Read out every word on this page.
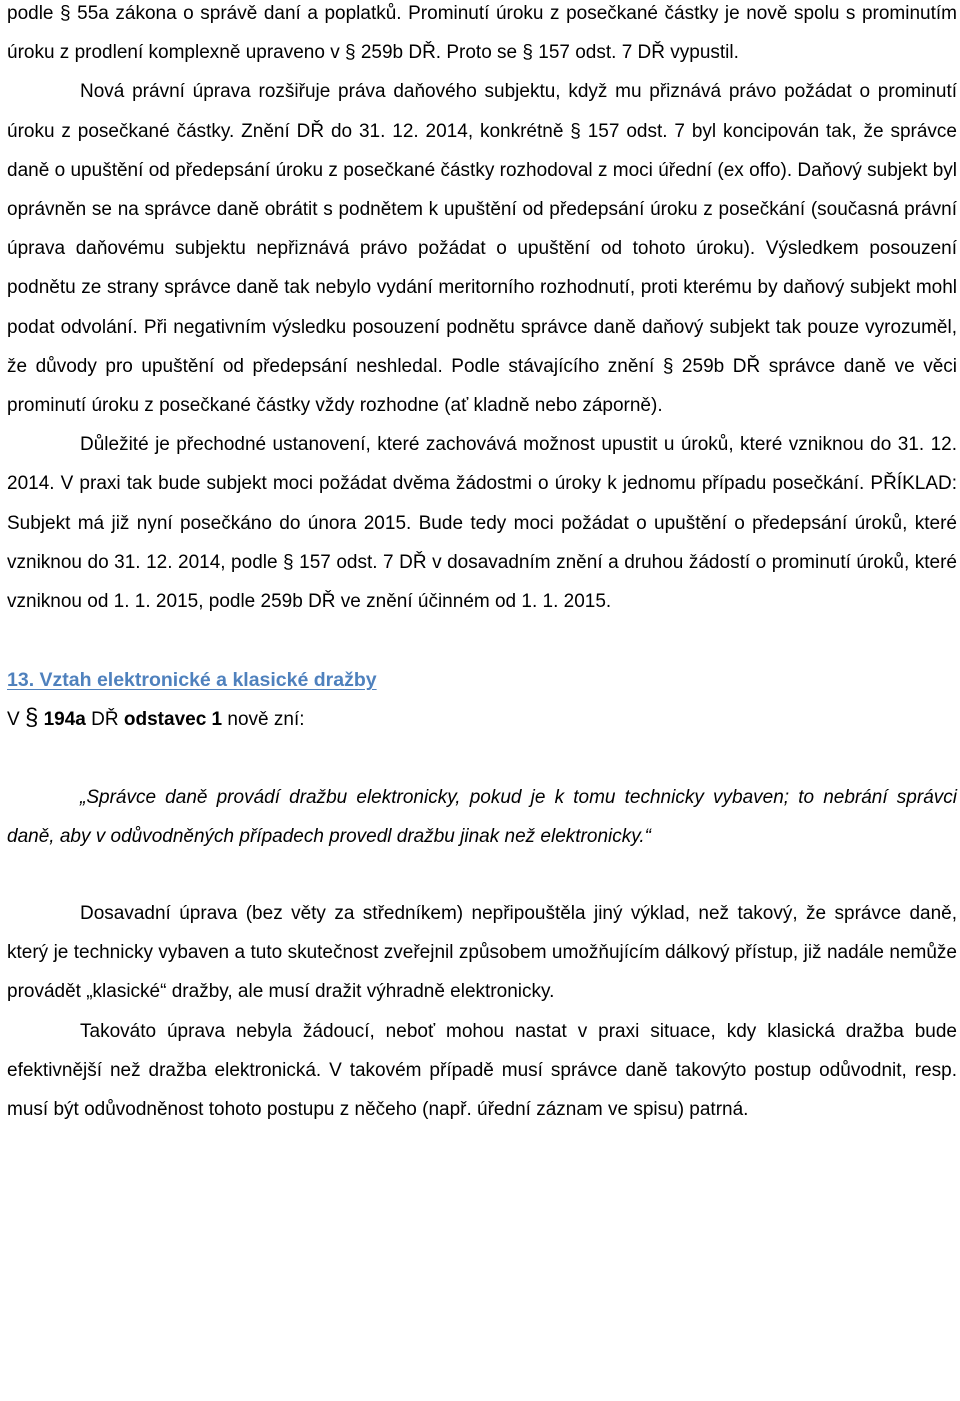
podle § 55a zákona o správě daní a poplatků. Prominutí úroku z posečkané částky je nově spolu s prominutím úroku z prodlení komplexně upraveno v § 259b DŘ. Proto se § 157 odst. 7 DŘ vypustil.

Nová právní úprava rozšiřuje práva daňového subjektu, když mu přiznává právo požádat o prominutí úroku z posečkané částky. Znění DŘ do 31. 12. 2014, konkrétně § 157 odst. 7 byl koncipován tak, že správce daně o upuštění od předepsání úroku z posečkané částky rozhodoval z moci úřední (ex offo). Daňový subjekt byl oprávněn se na správce daně obrátit s podnětem k upuštění od předepsání úroku z posečkání (současná právní úprava daňovému subjektu nepřiznává právo požádat o upuštění od tohoto úroku). Výsledkem posouzení podnětu ze strany správce daně tak nebylo vydání meritorního rozhodnutí, proti kterému by daňový subjekt mohl podat odvolání. Při negativním výsledku posouzení podnětu správce daně daňový subjekt tak pouze vyrozuměl, že důvody pro upuštění od předepsání neshledal. Podle stávajícího znění § 259b DŘ správce daně ve věci prominutí úroku z posečkané částky vždy rozhodne (ať kladně nebo záporně).

Důležité je přechodné ustanovení, které zachovává možnost upustit u úroků, které vzniknou do 31. 12. 2014. V praxi tak bude subjekt moci požádat dvěma žádostmi o úroky k jednomu případu posečkání. PŘÍKLAD: Subjekt má již nyní posečkáno do února 2015. Bude tedy moci požádat o upuštění o předepsání úroků, které vzniknou do 31. 12. 2014, podle § 157 odst. 7 DŘ v dosavadním znění a druhou žádostí o prominutí úroků, které vzniknou od 1. 1. 2015, podle 259b DŘ ve znění účinném od 1. 1. 2015.

13. Vztah elektronické a klasické dražby

V § 194a DŘ odstavec 1 nově zní:

„Správce daně provádí dražbu elektronicky, pokud je k tomu technicky vybaven; to nebrání správci daně, aby v odůvodněných případech provedl dražbu jinak než elektronicky.“

Dosavadní úprava (bez věty za středníkem) nepřipouštěla jiný výklad, než takový, že správce daně, který je technicky vybaven a tuto skutečnost zveřejnil způsobem umožňujícím dálkový přístup, již nadále nemůže provádět „klasické“ dražby, ale musí dražit výhradně elektronicky.

Takováto úprava nebyla žádoucí, neboť mohou nastat v praxi situace, kdy klasická dražba bude efektivnější než dražba elektronická. V takovém případě musí správce daně takovýto postup odůvodnit, resp. musí být odůvodněnost tohoto postupu z něčeho (např. úřední záznam ve spisu) patrná.
